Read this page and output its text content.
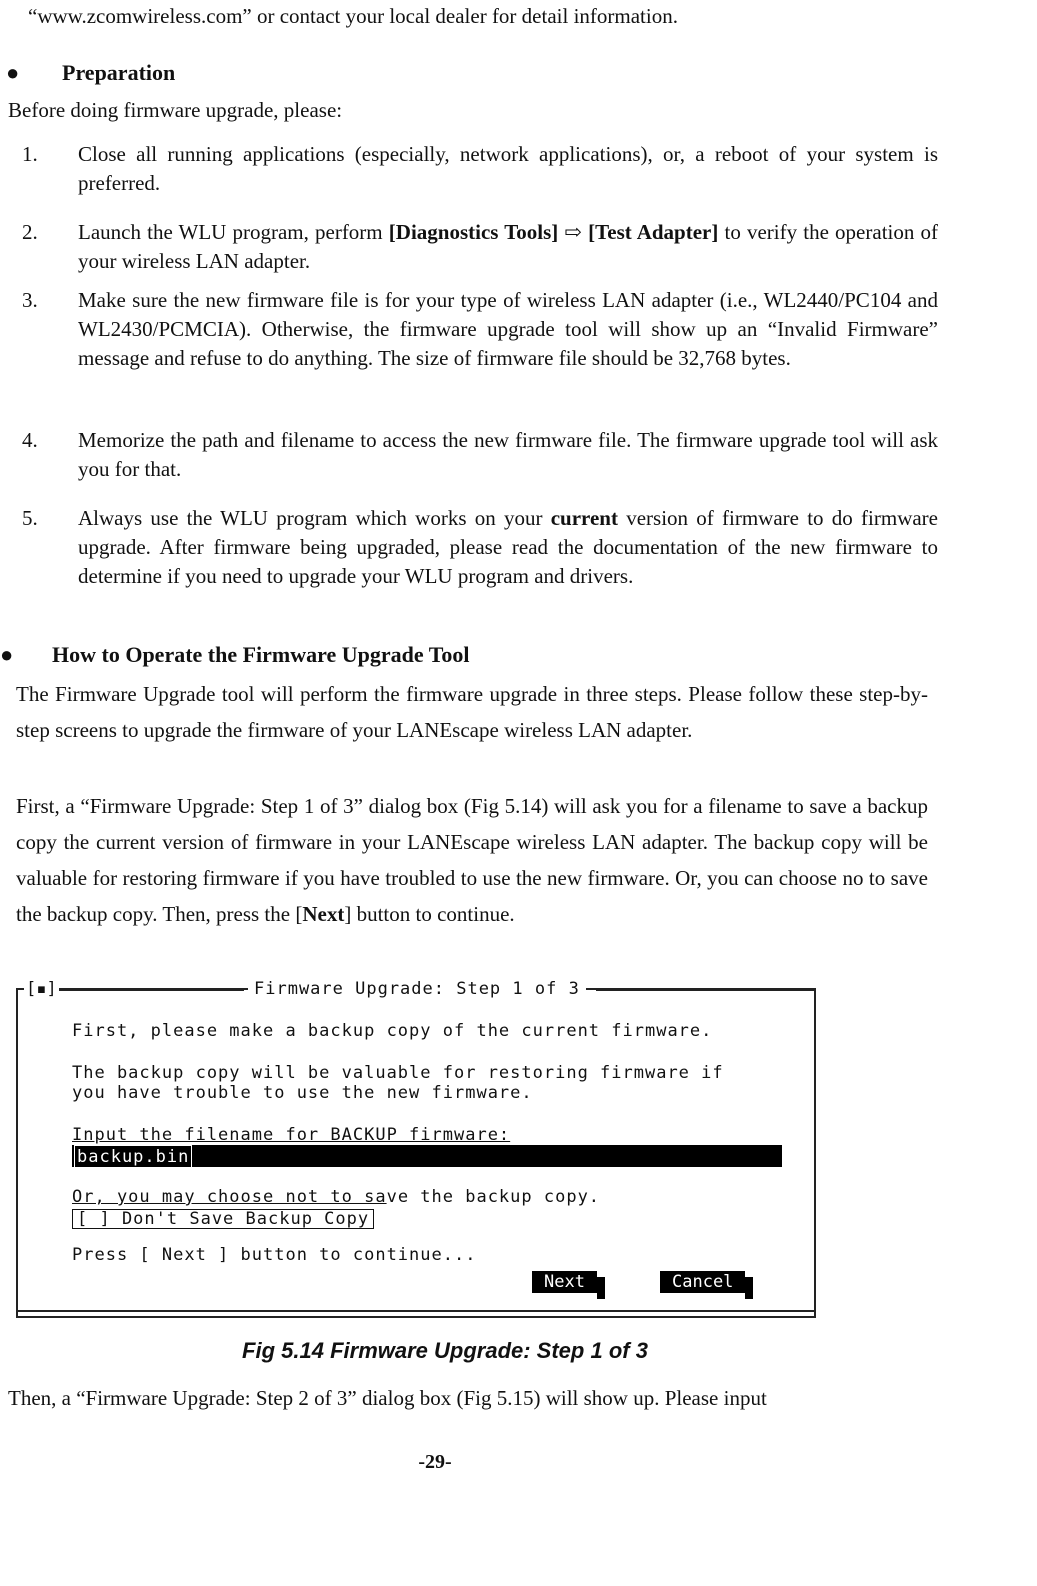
“www.zcomwireless.com” or contact your local dealer for detail information.

● Preparation

Before doing firmware upgrade, please:

1.	Close all running applications (especially, network applications), or, a reboot of your system is preferred.
2.	Launch the WLU program, perform [Diagnostics Tools] ⇨ [Test Adapter] to verify the operation of your wireless LAN adapter.
3.	Make sure the new firmware file is for your type of wireless LAN adapter (i.e., WL2440/PC104 and WL2430/PCMCIA). Otherwise, the firmware upgrade tool will show up an “Invalid Firmware” message and refuse to do anything. The size of firmware file should be 32,768 bytes.
4.	Memorize the path and filename to access the new firmware file. The firmware upgrade tool will ask you for that.
5.	Always use the WLU program which works on your current version of firmware to do firmware upgrade. After firmware being upgraded, please read the documentation of the new firmware to determine if you need to upgrade your WLU program and drivers.
● How to Operate the Firmware Upgrade Tool
The Firmware Upgrade tool will perform the firmware upgrade in three steps. Please follow these step-by-step screens to upgrade the firmware of your LANEscape wireless LAN adapter.
First, a “Firmware Upgrade: Step 1 of 3” dialog box (Fig 5.14) will ask you for a filename to save a backup copy the current version of firmware in your LANEscape wireless LAN adapter. The backup copy will be valuable for restoring firmware if you have troubled to use the new firmware. Or, you can choose no to save the backup copy. Then, press the [Next] button to continue.
[▪]	Firmware Upgrade: Step 1 of 3
First, please make a backup copy of the current firmware.
The backup copy will be valuable for restoring firmware if
you have trouble to use the new firmware.
Input the filename for BACKUP firmware:
backup.bin
Or, you may choose not to save the backup copy.
[ ] Don't Save Backup Copy
Press [ Next ] button to continue...
Next	Cancel
Fig 5.14 Firmware Upgrade: Step 1 of 3

Then, a “Firmware Upgrade: Step 2 of 3” dialog box (Fig 5.15) will show up. Please input

-29-
